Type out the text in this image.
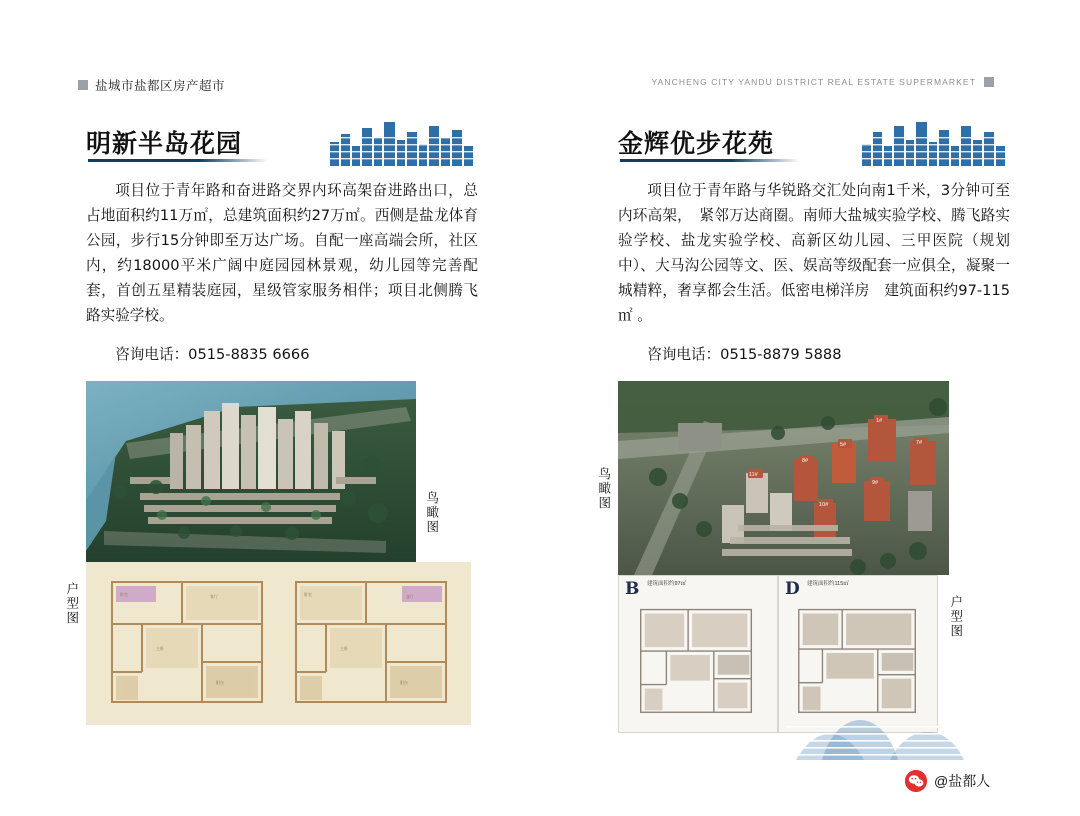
盐城市盐都区房产超市	YANCHENG CITY YANDU DISTRICT REAL ESTATE SUPERMARKET
明新半岛花园

项目位于青年路和奋进路交界内环高架奋进路出口，总占地面积约11万㎡，总建筑面积约27万㎡。西侧是盐龙体育公园，步行15分钟即至万达广场。自配一座高端会所，社区内，约18000平米广阔中庭园园林景观，幼儿园等完善配套，首创五星精装庭园，星级管家服务相伴；项目北侧腾飞路实验学校。

咨询电话：0515-8835 6666

鸟瞰图
卧室	客厅
主卧
阳台
卧室	客厅
主卧
阳台
户型图
金辉优步花苑

项目位于青年路与华锐路交汇处向南1千米，3分钟可至内环高架，　紧邻万达商圈。南师大盐城实验学校、腾飞路实验学校、盐龙实验学校、高新区幼儿园、三甲医院（规划中）、大马沟公园等文、医、娱高等级配套一应俱全，凝聚一城精粹，奢享都会生活。低密电梯洋房　建筑面积约97-115㎡ 。

咨询电话：0515-8879 5888

1#
5#	7#
8#
9#
11#
10#
鸟瞰图
B 建筑面积约97㎡	D 建筑面积约115㎡
户型图
@盐都人
